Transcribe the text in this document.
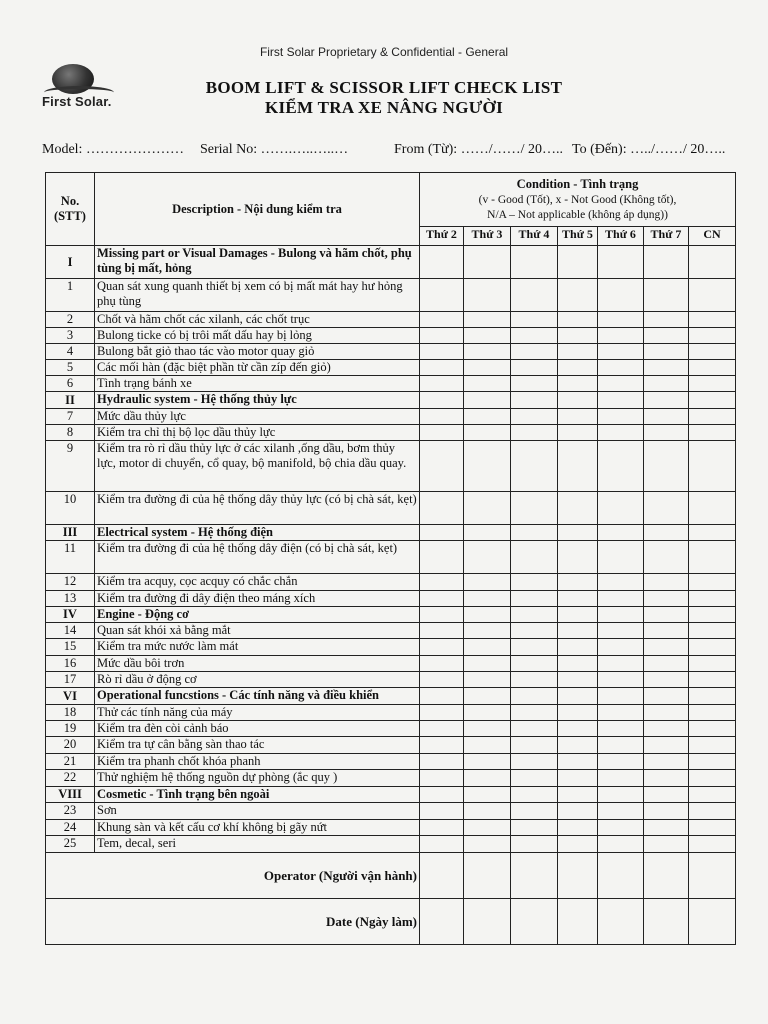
First Solar Proprietary & Confidential - General
First Solar.
BOOM LIFT & SCISSOR LIFT CHECK LIST
KIỂM TRA XE NÂNG NGƯỜI
Model: ………………… Serial No: …….…..…..…	From (Từ): ……/……/ 20….. To (Đến): …../……/ 20…..
No.
(STT)	Description - Nội dung kiểm tra	Condition - Tình trạng
(v - Good (Tốt), x - Not Good (Không tốt),
N/A – Not applicable (không áp dụng))						
		Thứ 2	Thứ 3	Thứ 4	Thứ 5	Thứ 6	Thứ 7	CN
I	Missing part or Visual Damages - Bulong và hãm chốt, phụ tùng bị mất, hỏng							
1	Quan sát xung quanh thiết bị xem có bị mất mát hay hư hỏng phụ tùng							
2	Chốt và hãm chốt các xilanh, các chốt trục							
3	Bulong ticke có bị trôi mất dấu hay bị lỏng							
4	Bulong bắt giỏ thao tác vào motor quay giỏ							
5	Các mối hàn (đặc biệt phần từ cần zíp đến giỏ)							
6	Tình trạng bánh xe							
II	Hydraulic system - Hệ thống thủy lực							
7	Mức dầu thủy lực							
8	Kiểm tra chỉ thị bộ lọc dầu thủy lực							
9	Kiểm tra rò rỉ dầu thủy lực ở các xilanh ,ống dầu, bơm thủy lực, motor di chuyển, cổ quay, bộ manifold, bộ chia dầu quay.							
10	Kiểm tra đường đi của hệ thống dây thủy lực (có bị chà sát, kẹt)							
III	Electrical system - Hệ thống điện							
11	Kiểm tra đường đi của hệ thống dây điện (có bị chà sát, kẹt)							
12	Kiểm tra acquy, cọc acquy có chắc chắn							
13	Kiểm tra đường đi dây điện theo máng xích							
IV	Engine - Động cơ							
14	Quan sát khói xả bằng mắt							
15	Kiểm tra mức nước làm mát							
16	Mức dầu bôi trơn							
17	Rò rỉ dầu ở động cơ							
VI	Operational funcstions - Các tính năng và điều khiển							
18	Thử các tính năng của máy							
19	Kiểm tra đèn còi cảnh báo							
20	Kiểm tra tự cân bằng sàn thao tác							
21	Kiểm tra phanh chốt khóa phanh							
22	Thử nghiệm hệ thống nguồn dự phòng (ắc quy )							
VIII	Cosmetic - Tình trạng bên ngoài							
23	Sơn							
24	Khung sàn và kết cấu cơ khí không bị gãy nứt							
25	Tem, decal, seri							
Operator (Người vận hành)								
Date (Ngày làm)								
